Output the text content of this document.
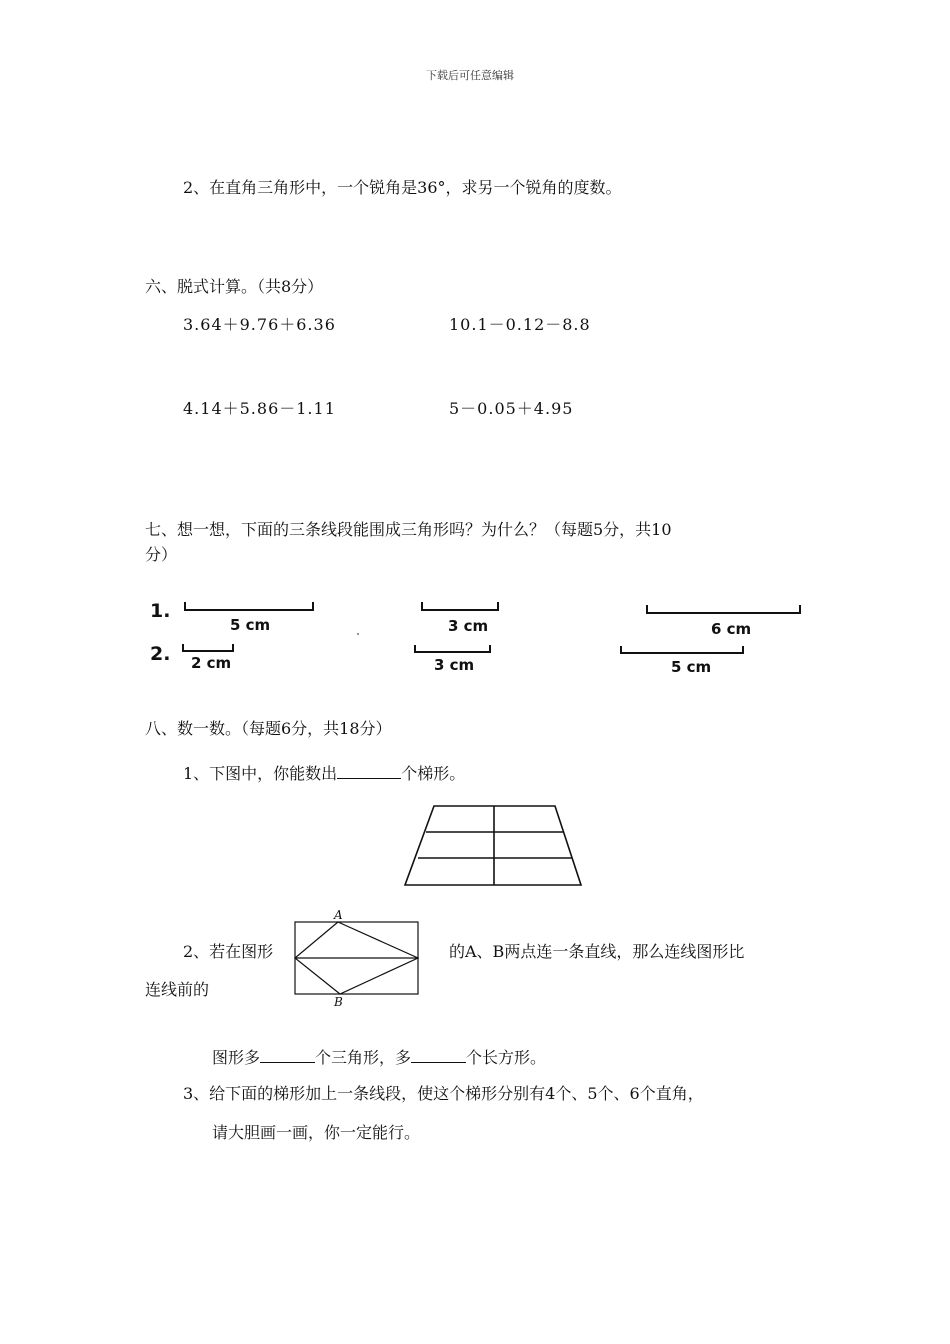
下载后可任意编辑
2、在直角三角形中，一个锐角是36°，求另一个锐角的度数。
六、脱式计算。（共8分）
3.64＋9.76＋6.36	10.1－0.12－8.8
4.14＋5.86－1.11	5－0.05＋4.95
七、想一想，下面的三条线段能围成三角形吗？为什么？（每题5分，共10
分）
1.
2.
5 cm	3 cm	6 cm
2 cm	3 cm	5 cm
八、数一数。（每题6分，共18分）
1、下图中，你能数出	个梯形。
2、若在图形
A
B
的A、B两点连一条直线，那么连线图形比
连线前的
图形多	个三角形，多	个长方形。
3、给下面的梯形加上一条线段，使这个梯形分别有4个、5个、6个直角，
请大胆画一画，你一定能行。
